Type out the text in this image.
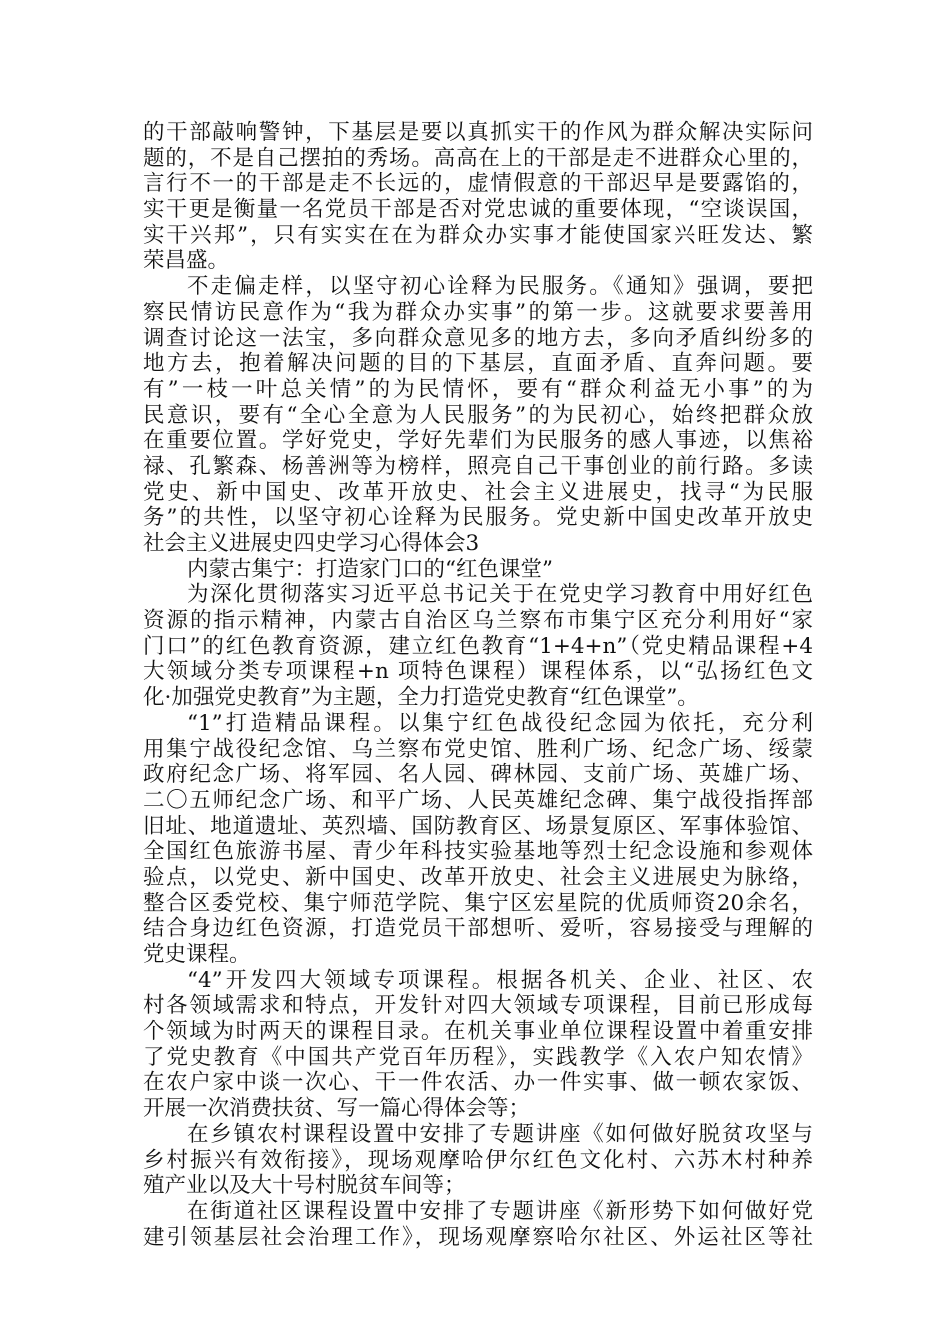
的干部敲响警钟，下基层是要以真抓实干的作风为群众解决实际问
题的，不是自己摆拍的秀场。高高在上的干部是走不进群众心里的，
言行不一的干部是走不长远的，虚情假意的干部迟早是要露馅的，
实干更是衡量一名党员干部是否对党忠诚的重要体现，“空谈误国，
实干兴邦”，只有实实在在为群众办实事才能使国家兴旺发达、繁
荣昌盛。
不走偏走样，以坚守初心诠释为民服务。《通知》强调，要把
察民情访民意作为“我为群众办实事”的第一步。这就要求要善用
调查讨论这一法宝，多向群众意见多的地方去，多向矛盾纠纷多的
地方去，抱着解决问题的目的下基层，直面矛盾、直奔问题。要
有”一枝一叶总关情”的为民情怀，要有“群众利益无小事”的为
民意识，要有“全心全意为人民服务”的为民初心，始终把群众放
在重要位置。学好党史，学好先辈们为民服务的感人事迹，以焦裕
禄、孔繁森、杨善洲等为榜样，照亮自己干事创业的前行路。多读
党史、新中国史、改革开放史、社会主义进展史，找寻“为民服
务”的共性，以坚守初心诠释为民服务。党史新中国史改革开放史
社会主义进展史四史学习心得体会3
内蒙古集宁：打造家门口的“红色课堂”
为深化贯彻落实习近平总书记关于在党史学习教育中用好红色
资源的指示精神，内蒙古自治区乌兰察布市集宁区充分利用好“家
门口”的红色教育资源，建立红色教育“1+4+n”（党史精品课程+4
大领域分类专项课程+n 项特色课程）课程体系，以“弘扬红色文
化·加强党史教育”为主题，全力打造党史教育“红色课堂”。
“1”打造精品课程。以集宁红色战役纪念园为依托，充分利
用集宁战役纪念馆、乌兰察布党史馆、胜利广场、纪念广场、绥蒙
政府纪念广场、将军园、名人园、碑林园、支前广场、英雄广场、
二〇五师纪念广场、和平广场、人民英雄纪念碑、集宁战役指挥部
旧址、地道遗址、英烈墙、国防教育区、场景复原区、军事体验馆、
全国红色旅游书屋、青少年科技实验基地等烈士纪念设施和参观体
验点，以党史、新中国史、改革开放史、社会主义进展史为脉络，
整合区委党校、集宁师范学院、集宁区宏星院的优质师资20余名，
结合身边红色资源，打造党员干部想听、爱听，容易接受与理解的
党史课程。
“4”开发四大领域专项课程。根据各机关、企业、社区、农
村各领域需求和特点，开发针对四大领域专项课程，目前已形成每
个领域为时两天的课程目录。在机关事业单位课程设置中着重安排
了党史教育《中国共产党百年历程》，实践教学《入农户知农情》
在农户家中谈一次心、干一件农活、办一件实事、做一顿农家饭、
开展一次消费扶贫、写一篇心得体会等；
在乡镇农村课程设置中安排了专题讲座《如何做好脱贫攻坚与
乡村振兴有效衔接》，现场观摩哈伊尔红色文化村、六苏木村种养
殖产业以及大十号村脱贫车间等；
在街道社区课程设置中安排了专题讲座《新形势下如何做好党
建引领基层社会治理工作》，现场观摩察哈尔社区、外运社区等社
